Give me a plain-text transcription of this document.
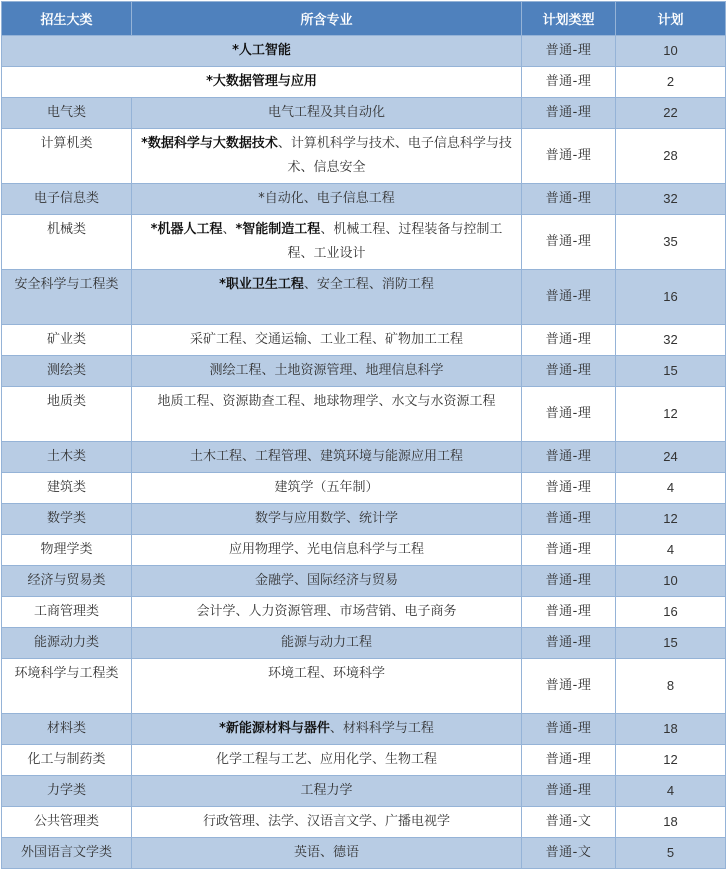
招生大类	所含专业	计划类型	计划
*人工智能		普通-理	10
*大数据管理与应用		普通-理	2
电气类	电气工程及其自动化	普通-理	22
计算机类	*数据科学与大数据技术、计算机科学与技术、电子信息科学与技术、信息安全	普通-理	28
电子信息类	*自动化、电子信息工程	普通-理	32
机械类	*机器人工程、*智能制造工程、机械工程、过程装备与控制工程、工业设计	普通-理	35
安全科学与工程类	*职业卫生工程、安全工程、消防工程	普通-理	16
矿业类	采矿工程、交通运输、工业工程、矿物加工工程	普通-理	32
测绘类	测绘工程、土地资源管理、地理信息科学	普通-理	15
地质类	地质工程、资源勘查工程、地球物理学、水文与水资源工程	普通-理	12
土木类	土木工程、工程管理、建筑环境与能源应用工程	普通-理	24
建筑类	建筑学（五年制）	普通-理	4
数学类	数学与应用数学、统计学	普通-理	12
物理学类	应用物理学、光电信息科学与工程	普通-理	4
经济与贸易类	金融学、国际经济与贸易	普通-理	10
工商管理类	会计学、人力资源管理、市场营销、电子商务	普通-理	16
能源动力类	能源与动力工程	普通-理	15
环境科学与工程类	环境工程、环境科学	普通-理	8
材料类	*新能源材料与器件、材料科学与工程	普通-理	18
化工与制药类	化学工程与工艺、应用化学、生物工程	普通-理	12
力学类	工程力学	普通-理	4
公共管理类	行政管理、法学、汉语言文学、广播电视学	普通-文	18
外国语言文学类	英语、德语	普通-文	5
